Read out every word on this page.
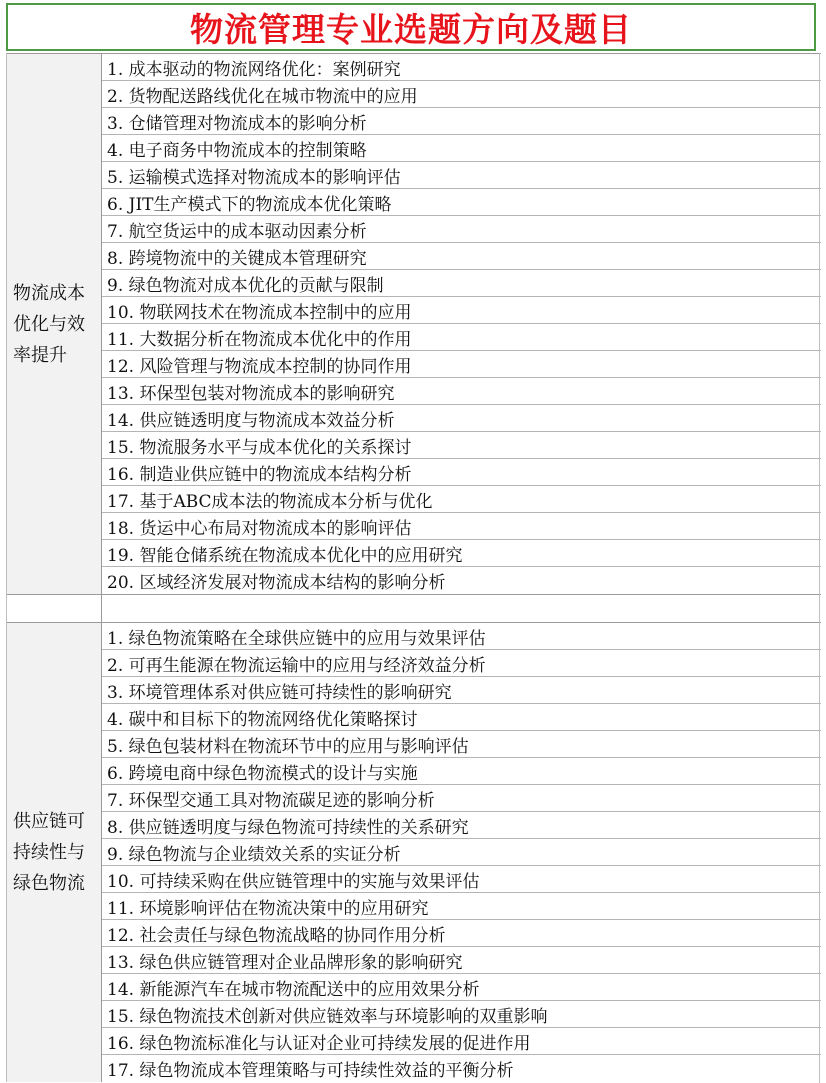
物流管理专业选题方向及题目
物流成本优化与效率提升
1. 成本驱动的物流网络优化：案例研究
2. 货物配送路线优化在城市物流中的应用
3. 仓储管理对物流成本的影响分析
4. 电子商务中物流成本的控制策略
5. 运输模式选择对物流成本的影响评估
6. JIT生产模式下的物流成本优化策略
7. 航空货运中的成本驱动因素分析
8. 跨境物流中的关键成本管理研究
9. 绿色物流对成本优化的贡献与限制
10. 物联网技术在物流成本控制中的应用
11. 大数据分析在物流成本优化中的作用
12. 风险管理与物流成本控制的协同作用
13. 环保型包装对物流成本的影响研究
14. 供应链透明度与物流成本效益分析
15. 物流服务水平与成本优化的关系探讨
16. 制造业供应链中的物流成本结构分析
17. 基于ABC成本法的物流成本分析与优化
18. 货运中心布局对物流成本的影响评估
19. 智能仓储系统在物流成本优化中的应用研究
20. 区域经济发展对物流成本结构的影响分析
供应链可持续性与绿色物流
1. 绿色物流策略在全球供应链中的应用与效果评估
2. 可再生能源在物流运输中的应用与经济效益分析
3. 环境管理体系对供应链可持续性的影响研究
4. 碳中和目标下的物流网络优化策略探讨
5. 绿色包装材料在物流环节中的应用与影响评估
6. 跨境电商中绿色物流模式的设计与实施
7. 环保型交通工具对物流碳足迹的影响分析
8. 供应链透明度与绿色物流可持续性的关系研究
9. 绿色物流与企业绩效关系的实证分析
10. 可持续采购在供应链管理中的实施与效果评估
11. 环境影响评估在物流决策中的应用研究
12. 社会责任与绿色物流战略的协同作用分析
13. 绿色供应链管理对企业品牌形象的影响研究
14. 新能源汽车在城市物流配送中的应用效果分析
15. 绿色物流技术创新对供应链效率与环境影响的双重影响
16. 绿色物流标准化与认证对企业可持续发展的促进作用
17. 绿色物流成本管理策略与可持续性效益的平衡分析
